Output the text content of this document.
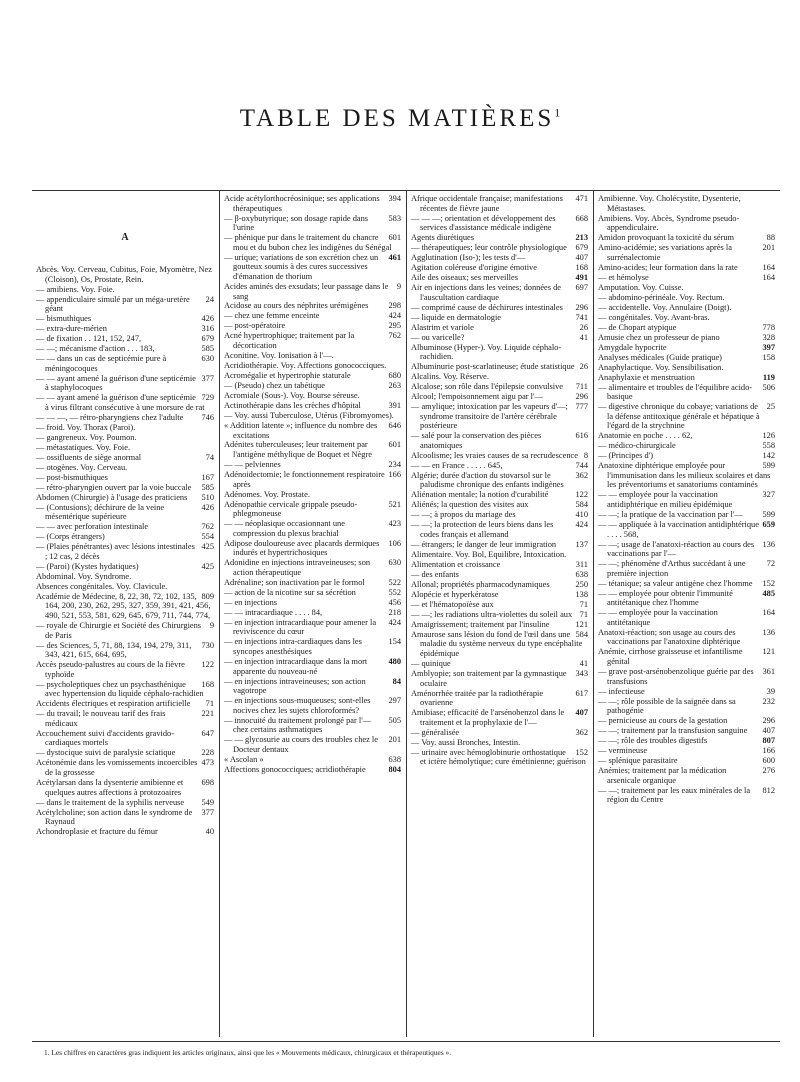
TABLE DES MATIÈRES$^1$
A
Abcès. Voy. Cerveau, Cubitus, Foie, Myomètre, Nez (Cloison), Os, Prostate, Rein.
— amibiens. Voy. Foie.
24
— appendiculaire simulé par un méga-uretère géant
426
— bismuthiques
316
— extra-dure-mérien
679
— de fixation . . 121, 152, 247,
585
— —; mécanisme d'action . . . 183,
630
— — dans un cas de septicémie pure à méningocoques
377
— — ayant amené la guérison d'une septicémie à staphylocoques
729
— — ayant amené la guérison d'une septicémie à virus filtrant consécutive à une morsure de rat
746
— — —, — rétro-pharyngiens chez l'adulte
— froid. Voy. Thorax (Paroi).
— gangreneux. Voy. Poumon.
— métastatiques. Voy. Foie.
74
— ossifluents de siège anormal
— otogènes. Voy. Cerveau.
167
— post-bismuthiques
585
— rétro-pharyngien ouvert par la voie buccale
510
Abdomen (Chirurgie) à l'usage des praticiens
426
— (Contusions); déchirure de la veine mésentérique supérieure
762
— — avec perforation intestinale
554
— (Corps étrangers)
425
— (Plaies pénétrantes) avec lésions intestinales ; 12 cas, 2 décès
425
— (Paroi) (Kystes hydatiques)
Abdominal. Voy. Syndrome.
Absences congénitales. Voy. Clavicule.
809
Académie de Médecine, 8, 22, 38, 72, 102, 135, 164, 200, 230, 262, 295, 327, 359, 391, 421, 456, 490, 521, 553, 581, 629, 645, 679, 711, 744, 774,
9
— royale de Chirurgie et Société des Chirurgiens de Paris
730
— des Sciences, 5, 71, 88, 134, 194, 279, 311, 343, 421, 615, 664, 695,
122
Accès pseudo-palustres au cours de la fièvre typhoïde
168
— psycholeptiques chez un psychasthénique avec hypertension du liquide céphalo-rachidien
71
Accidents électriques et respiration artificielle
221
— du travail; le nouveau tarif des frais médicaux
647
Accouchement suivi d'accidents gravido-cardiaques mortels
228
— dystocique suivi de paralysie sciatique
473
Acétonémie dans les vomissements incoercibles de la grossesse
698
Acétylarsan dans la dysenterie amibienne et quelques autres affections à protozoaires
549
— dans le traitement de la syphilis nerveuse
377
Acétylcholine; son action dans le syndrome de Raynaud
40
Achondroplasie et fracture du fémur
394
Acide acétylorthocréosinique; ses applications thérapeutiques
583
— β-oxybutyrique; son dosage rapide dans l'urine
601
— phénique pur dans le traitement du chancre mou et du bubon chez les indigènes du Sénégal
461
— urique; variations de son excrétion chez un goutteux soumis à des cures successives d'émanation de thorium
9
Acides aminés des exsudats; leur passage dans le sang
298
Acidose au cours des néphrites urémigènes
424
— chez une femme enceinte
295
— post-opératoire
762
Acné hypertrophique; traitement par la décortication
Aconitine. Voy. Ionisation à l'—.
Acridiothérapie. Voy. Affections gonococciques.
680
Acromégalie et hypertrophie staturale
263
— (Pseudo) chez un tabétique
Acromiale (Sous-). Voy. Bourse séreuse.
391
Actinothérapie dans les crèches d'hôpital
— Voy. aussi Tuberculose, Utérus (Fibromyomes).
646
« Addition latente »; influence du nombre des excitations
601
Adénites tuberculeuses; leur traitement par l'antigène méthylique de Boquet et Nègre
234
— — pelviennes
166
Adénoidectomie; le fonctionnement respiratoire après
Adénomes. Voy. Prostate.
521
Adénopathie cervicale grippale pseudo-phlegmoneuse
423
— — néoplasique occasionnant une compression du plexus brachial
106
Adipose douloureuse avec placards dermiques indurés et hypertrichosiques
630
Adonidine en injections intraveineuses; son action thérapeutique
522
Adrénaline; son inactivation par le formol
552
— action de la nicotine sur sa sécrétion
456
— en injections
218
— — intracardiaque . . . . 84,
424
— en injection intracardiaque pour amener la reviviscence du cœur
154
— en injections intra-cardiaques dans les syncopes anesthésiques
480
— en injection intracardiaque dans la mort apparente du nouveau-né
84
— en injections intraveineuses; son action vagotrope
297
— en injections sous-muqueuses; sont-elles nocives chez les sujets chloroformés?
505
— innocuité du traitement prolongé par l'— chez certains asthmatiques
201
— — glycosurie au cours des troubles chez le Docteur dentaux
638
« Ascolan »
804
Affections gonococciques; acridiothérapie
471
Afrique occidentale française; manifestations récentes de fièvre jaune
668
— — —; orientation et développement des services d'assistance médicale indigène
213
Agents diurétiques
679
— thérapeutiques; leur contrôle physiologique
407
Agglutination (Iso-); les tests d'—
168
Agitation coléreuse d'origine émotive
491
Aile des oiseaux; ses merveilles
697
Air en injections dans les veines; données de l'auscultation cardiaque
296
— comprimé cause de déchirures intestinales
741
— liquide en dermatologie
26
Alastrim et variole
41
— ou varicelle?
Albuminose (Hyper-). Voy. Liquide céphalo-rachidien.
26
Albuminurie post-scarlatineuse; étude statistique
Alcalins. Voy. Réserve.
711
Alcalose; son rôle dans l'épilepsie convulsive
296
Alcool; l'empoisonnement aigu par l'—
777
— amylique; intoxication par les vapeurs d'—; syndrome transitoire de l'artère cérébrale postérieure
616
— salé pour la conservation des pièces anatomiques
8
Alcoolisme; les vraies causes de sa recrudescence
744
— — en France . . . . . 645,
362
Algérie; durée d'action du stovarsol sur le paludisme chronique des enfants indigènes
122
Aliénation mentale; la notion d'curabilité
584
Aliénés; la question des visites aux
410
— —; à propos du mariage des
424
— —; la protection de leurs biens dans les codes français et allemand
137
— étrangers; le danger de leur immigration
Alimentaire. Voy. Bol, Equilibre, Intoxication.
311
Alimentation et croissance
638
— des enfants
250
Allonal; propriétés pharmacodynamiques
138
Alopécie et hyperkératose
71
— et l'hématopoïèse aux
71
— —; les radiations ultra-violettes du soleil aux
121
Amaigrissement; traitement par l'insuline
584
Amaurose sans lésion du fond de l'œil dans une maladie du système nerveux du type encéphalite épidémique
41
— quinique
343
Amblyopie; son traitement par la gymnastique oculaire
617
Aménorrhée traitée par la radiothérapie ovarienne
407
Amibiase; efficacité de l'arsénobenzol dans le traitement et la prophylaxie de l'—
362
— généralisée
— Voy. aussi Bronches, Intestin.
152
— urinaire avec hémoglobinurie orthostatique et ictère hémolytique; cure émétinienne; guérison
Amibienne. Voy. Cholécystite, Dysenterie, Métastases.
Amibiens. Voy. Abcès, Syndrome pseudo-appendiculaire.
88
Amidon provoquant la toxicité du sérum
201
Amino-acidémie; ses variations après la surrénalectomie
164
Amino-acides; leur formation dans la rate
164
— et hémolyse
Amputation. Voy. Cuisse.
— abdomino-périnéale. Voy. Rectum.
— accidentelle. Voy. Annulaire (Doigt).
— congénitales. Voy. Avant-bras.
778
— de Chopart atypique
328
Amusie chez un professeur de piano
397
Amygdale hypocrite
158
Analyses médicales (Guide pratique)
Anaphylactique. Voy. Sensibilisation.
119
Anaphylaxie et menstruation
506
— alimentaire et troubles de l'équilibre acido-basique
25
— digestive chronique du cobaye; variations de la défense antitoxique générale et hépatique à l'égard de la strychnine
126
Anatomie en poche . . . . 62,
558
— médico-chirurgicale
142
— (Principes d')
599
Anatoxine diphtérique employée pour l'immunisation dans les milieux scolaires et dans les préventoriums et sanatoriums contaminés
327
— — employée pour la vaccination antidiphtérique en milieu épidémique
599
— —; la pratique de la vaccination par l'—
659
— — appliquée à la vaccination antidiphtérique . . . . 568,
136
— —; usage de l'anatoxi-réaction au cours des vaccinations par l'—
72
— —; phénomène d'Arthus succédant à une première injection
152
— tétanique; sa valeur antigène chez l'homme
485
— — employée pour obtenir l'immunité antitétanique chez l'homme
164
— — employée pour la vaccination antitétanique
136
Anatoxi-réaction; son usage au cours des vaccinations par l'anatoxine diphtérique
121
Anémie, cirrhose graisseuse et infantilisme génital
361
— grave post-arsénobenzolique guérie par des transfusions
39
— infectieuse
232
— —; rôle possible de la saignée dans sa pathogénie
296
— pernicieuse au cours de la gestation
407
— —; traitement par la transfusion sanguine
807
— —; rôle des troubles digestifs
166
— vermineuse
600
— splénique parasitaire
276
Anémies; traitement par la médication arsenicale organique
812
— —; traitement par les eaux minérales de la région du Centre
1. Les chiffres en caractères gras indiquent les articles originaux, ainsi que les « Mouvements médicaux, chirurgicaux et thérapeutiques ».
